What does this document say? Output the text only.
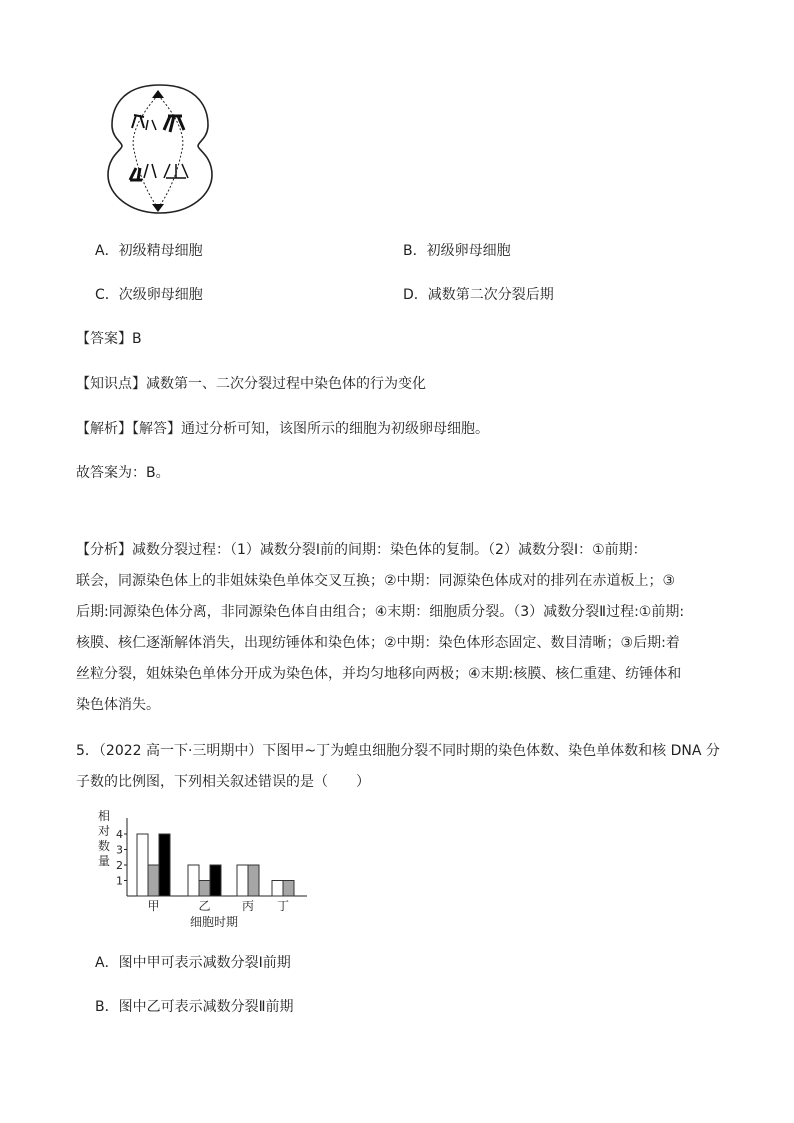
A．初级精母细胞	B．初级卵母细胞
C．次级卵母细胞	D．减数第二次分裂后期
【答案】B
【知识点】减数第一、二次分裂过程中染色体的行为变化
【解析】【解答】通过分析可知，该图所示的细胞为初级卵母细胞。
故答案为：B。
【分析】减数分裂过程：（1）减数分裂Ⅰ前的间期：染色体的复制。（2）减数分裂Ⅰ：①前期：
联会，同源染色体上的非姐妹染色单体交叉互换；②中期：同源染色体成对的排列在赤道板上；③
后期:同源染色体分离，非同源染色体自由组合；④末期：细胞质分裂。（3）减数分裂Ⅱ过程:①前期:
核膜、核仁逐渐解体消失，出现纺锤体和染色体；②中期：染色体形态固定、数目清晰；③后期:着
丝粒分裂，姐妹染色单体分开成为染色体，并均匀地移向两极；④末期:核膜、核仁重建、纺锤体和
染色体消失。
5．（2022 高一下·三明期中）下图甲~丁为蝗虫细胞分裂不同时期的染色体数、染色单体数和核 DNA 分
子数的比例图，下列相关叙述错误的是（　　）
相
对
数
量
1
2
3
4
甲	乙	丙 丁
细胞时期
A．图中甲可表示减数分裂Ⅰ前期
B．图中乙可表示减数分裂Ⅱ前期
